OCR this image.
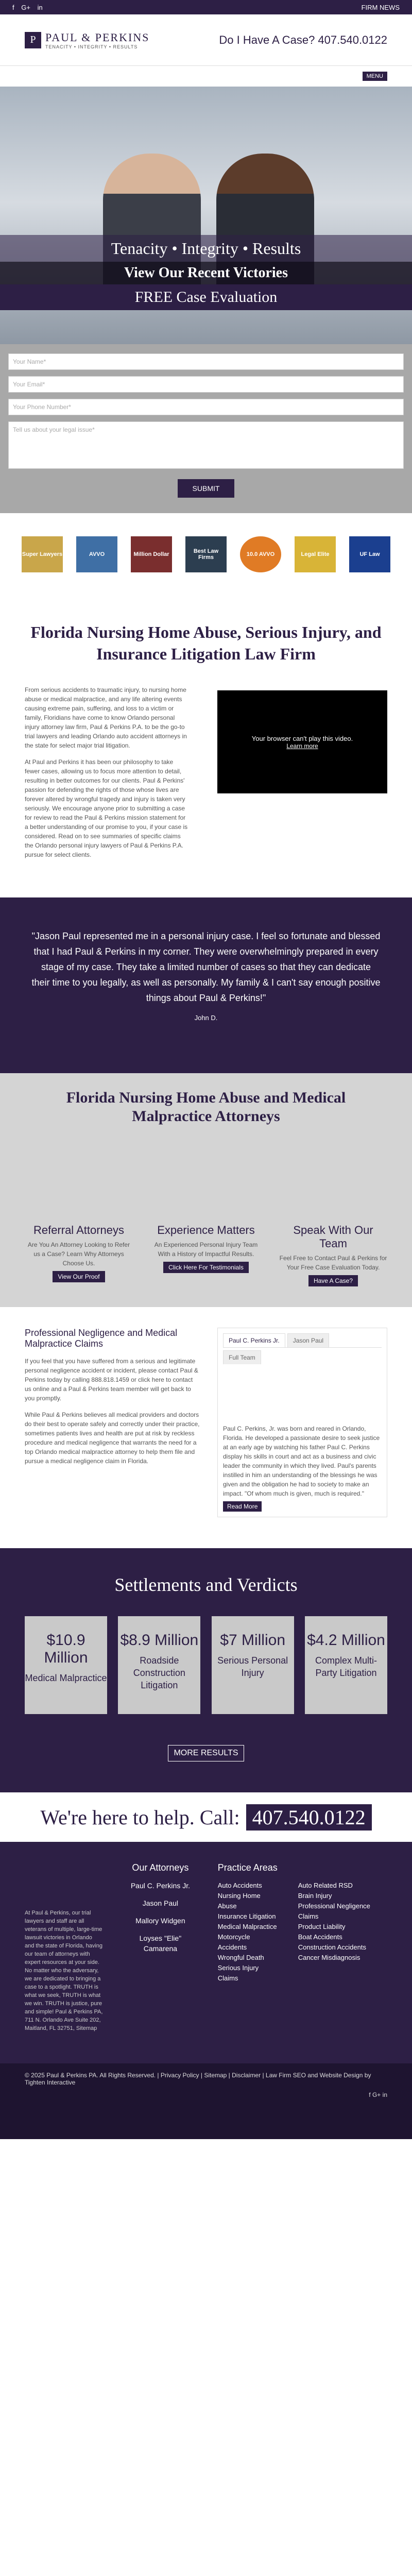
f G+ in	FIRM NEWS
P PAUL & PERKINS
TENACITY • INTEGRITY • RESULTS
Do I Have A Case? 407.540.0122
MENU
Tenacity • Integrity • Results
View Our Recent Victories
FREE Case Evaluation
Your Name*
Your Email*
Your Phone Number*
Tell us about your legal issue*
SUBMIT
Super Lawyers	AVVO	Million Dollar	Best Law Firms	10.0 AVVO	Legal Elite	UF Law
Florida Nursing Home Abuse, Serious Injury, and Insurance Litigation Law Firm

From serious accidents to traumatic injury, to nursing home abuse or medical malpractice, and any life altering events causing extreme pain, suffering, and loss to a victim or family, Floridians have come to know Orlando personal injury attorney law firm, Paul & Perkins P.A. to be the go-to trial lawyers and leading Orlando auto accident attorneys in the state for select major trial litigation.

At Paul and Perkins it has been our philosophy to take fewer cases, allowing us to focus more attention to detail, resulting in better outcomes for our clients. Paul & Perkins' passion for defending the rights of those whose lives are forever altered by wrongful tragedy and injury is taken very seriously. We encourage anyone prior to submitting a case for review to read the Paul & Perkins mission statement for a better understanding of our promise to you, if your case is considered. Read on to see summaries of specific claims the Orlando personal injury lawyers of Paul & Perkins P.A. pursue for select clients.

Your browser can't play this video.
Learn more
"Jason Paul represented me in a personal injury case. I feel so fortunate and blessed that I had Paul & Perkins in my corner. They were overwhelmingly prepared in every stage of my case. They take a limited number of cases so that they can dedicate their time to you legally, as well as personally. My family & I can't say enough positive things about Paul & Perkins!"
John D.
Florida Nursing Home Abuse and Medical Malpractice Attorneys
Referral Attorneys

Are You An Attorney Looking to Refer us a Case? Learn Why Attorneys Choose Us.

View Our Proof
Experience Matters

An Experienced Personal Injury Team With a History of Impactful Results.

Click Here For Testimonials
Speak With Our Team

Feel Free to Contact Paul & Perkins for Your Free Case Evaluation Today.

Have A Case?
Professional Negligence and Medical Malpractice Claims

If you feel that you have suffered from a serious and legitimate personal negligence accident or incident, please contact Paul & Perkins today by calling 888.818.1459 or click here to contact us online and a Paul & Perkins team member will get back to you promptly.

While Paul & Perkins believes all medical providers and doctors do their best to operate safely and correctly under their practice, sometimes patients lives and health are put at risk by reckless procedure and medical negligence that warrants the need for a top Orlando medical malpractice attorney to help them file and pursue a medical negligence claim in Florida.

Paul C. Perkins Jr.	Jason Paul
Full Team
Paul C. Perkins, Jr. was born and reared in Orlando, Florida. He developed a passionate desire to seek justice at an early age by watching his father Paul C. Perkins display his skills in court and act as a business and civic leader the community in which they lived. Paul's parents instilled in him an understanding of the blessings he was given and the obligation he had to society to make an impact. "Of whom much is given, much is required."
Read More
Settlements and Verdicts
$10.9 Million
Medical Malpractice
$8.9 Million
Roadside Construction Litigation
$7 Million
Serious Personal Injury
$4.2 Million
Complex Multi-Party Litigation
MORE RESULTS
We're here to help. Call: 407.540.0122
At Paul & Perkins, our trial lawyers and staff are all veterans of multiple, large-time lawsuit victories in Orlando and the state of Florida, having our team of attorneys with expert resources at your side. No matter who the adversary, we are dedicated to bringing a case to a spotlight. TRUTH is what we seek, TRUTH is what we win. TRUTH is justice, pure and simple! Paul & Perkins PA, 711 N. Orlando Ave Suite 202, Maitland, FL 32751, Sitemap
Our Attorneys
Paul C. Perkins Jr.
Jason Paul
Mallory Widgen
Loyses "Elie" Camarena
Practice Areas
Auto Accidents
Nursing Home Abuse
Insurance Litigation
Medical Malpractice
Motorcycle Accidents
Wrongful Death
Serious Injury Claims
Auto Related RSD
Brain Injury
Professional Negligence Claims
Product Liability
Boat Accidents
Construction Accidents
Cancer Misdiagnosis
© 2025 Paul & Perkins PA. All Rights Reserved. | Privacy Policy | Sitemap | Disclaimer | Law Firm SEO and Website Design by Tighten Interactive
f G+ in
